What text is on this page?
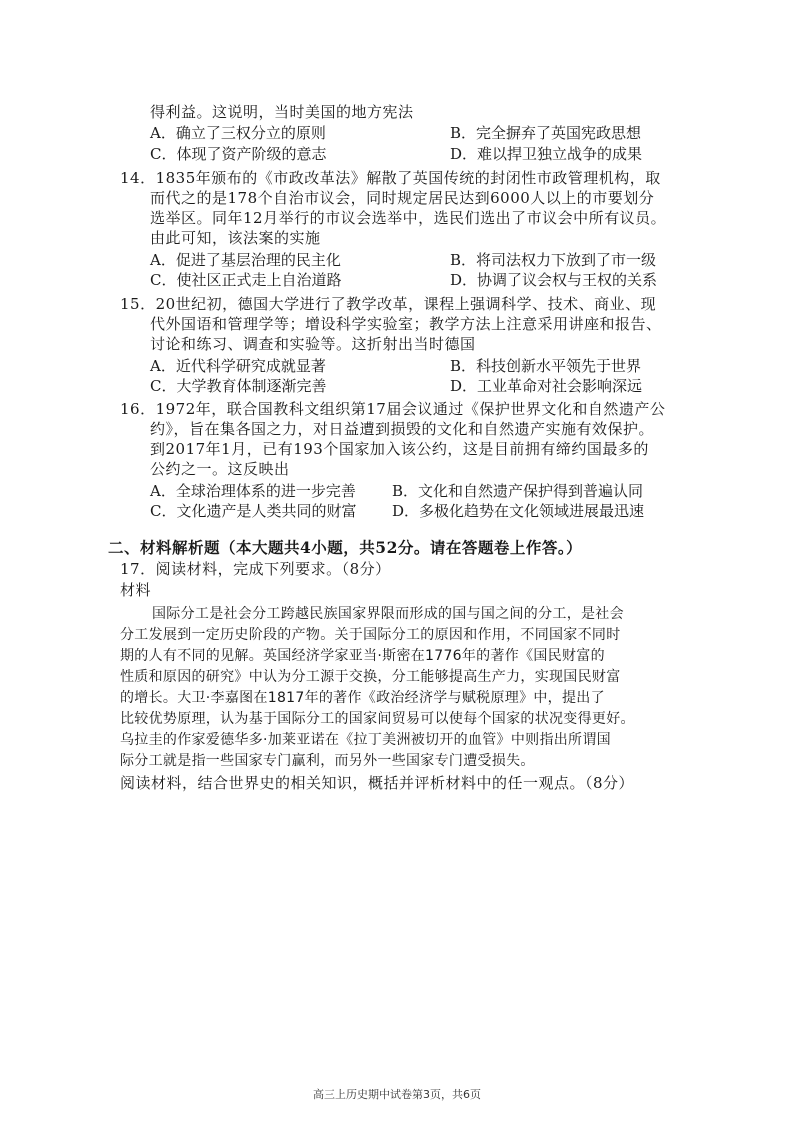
得利益。这说明，当时美国的地方宪法
A．确立了三权分立的原则	B．完全摒弃了英国宪政思想
C．体现了资产阶级的意志	D．难以捍卫独立战争的成果
14．1835年颁布的《市政改革法》解散了英国传统的封闭性市政管理机构，取
而代之的是178个自治市议会，同时规定居民达到6000人以上的市要划分
选举区。同年12月举行的市议会选举中，选民们选出了市议会中所有议员。
由此可知，该法案的实施
A．促进了基层治理的民主化	B．将司法权力下放到了市一级
C．使社区正式走上自治道路	D．协调了议会权与王权的关系
15．20世纪初，德国大学进行了教学改革，课程上强调科学、技术、商业、现
代外国语和管理学等；增设科学实验室；教学方法上注意采用讲座和报告、
讨论和练习、调查和实验等。这折射出当时德国
A．近代科学研究成就显著	B．科技创新水平领先于世界
C．大学教育体制逐渐完善	D．工业革命对社会影响深远
16．1972年，联合国教科文组织第17届会议通过《保护世界文化和自然遗产公
约》，旨在集各国之力，对日益遭到损毁的文化和自然遗产实施有效保护。
到2017年1月，已有193个国家加入该公约，这是目前拥有缔约国最多的
公约之一。这反映出
A．全球治理体系的进一步完善 B．文化和自然遗产保护得到普遍认同
C．文化遗产是人类共同的财富 D．多极化趋势在文化领域进展最迅速
二、材料解析题（本大题共4小题，共52分。请在答题卷上作答。）
17．阅读材料，完成下列要求。（8分）
材料
国际分工是社会分工跨越民族国家界限而形成的国与国之间的分工，是社会
分工发展到一定历史阶段的产物。关于国际分工的原因和作用，不同国家不同时
期的人有不同的见解。英国经济学家亚当·斯密在1776年的著作《国民财富的
性质和原因的研究》中认为分工源于交换，分工能够提高生产力，实现国民财富
的增长。大卫·李嘉图在1817年的著作《政治经济学与赋税原理》中，提出了
比较优势原理，认为基于国际分工的国家间贸易可以使每个国家的状况变得更好。
乌拉圭的作家爱德华多·加莱亚诺在《拉丁美洲被切开的血管》中则指出所谓国
际分工就是指一些国家专门赢利，而另外一些国家专门遭受损失。
阅读材料，结合世界史的相关知识，概括并评析材料中的任一观点。（8分）
高三上历史期中试卷第3页，共6页
